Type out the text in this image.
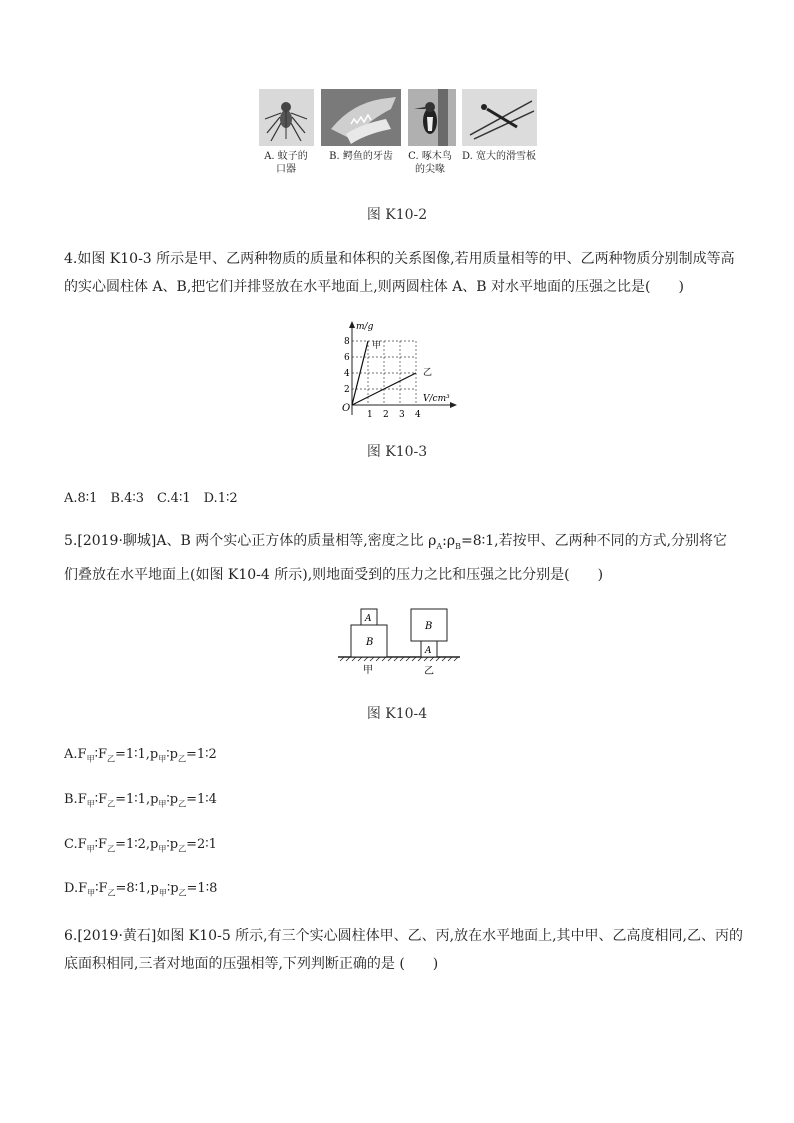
A. 蚊子的
口器
B. 鳄鱼的牙齿	C. 啄木鸟
的尖喙
D. 宽大的滑雪板
图 K10-2
4.如图 K10-3 所示是甲、乙两种物质的质量和体积的关系图像,若用质量相等的甲、乙两种物质分别制成等高
的实心圆柱体 A、B,把它们并排竖放在水平地面上,则两圆柱体 A、B 对水平地面的压强之比是(　　)
m/g
V/cm³
O
2
4
6
8
1 2 3 4
甲
乙
图 K10-3
A.8∶1　B.4∶3　C.4∶1　D.1∶2
5.[2019·聊城]A、B 两个实心正方体的质量相等,密度之比 $\rho_A:\rho_B=8∶1$,若按甲、乙两种不同的方式,分别将它
们叠放在水平地面上(如图 K10-4 所示),则地面受到的压力之比和压强之比分别是(　　)
B
A
A
B
甲	乙
图 K10-4
$A.F_甲∶F_乙=1∶1,p_甲∶p_乙=1∶2$
$B.F_甲∶F_乙=1∶1,p_甲∶p_乙=1∶4$
$C.F_甲∶F_乙=1∶2,p_甲∶p_乙=2∶1$
$D.F_甲∶F_乙=8∶1,p_甲∶p_乙=1∶8$
6.[2019·黄石]如图 K10-5 所示,有三个实心圆柱体甲、乙、丙,放在水平地面上,其中甲、乙高度相同,乙、丙的
底面积相同,三者对地面的压强相等,下列判断正确的是 (　　)
